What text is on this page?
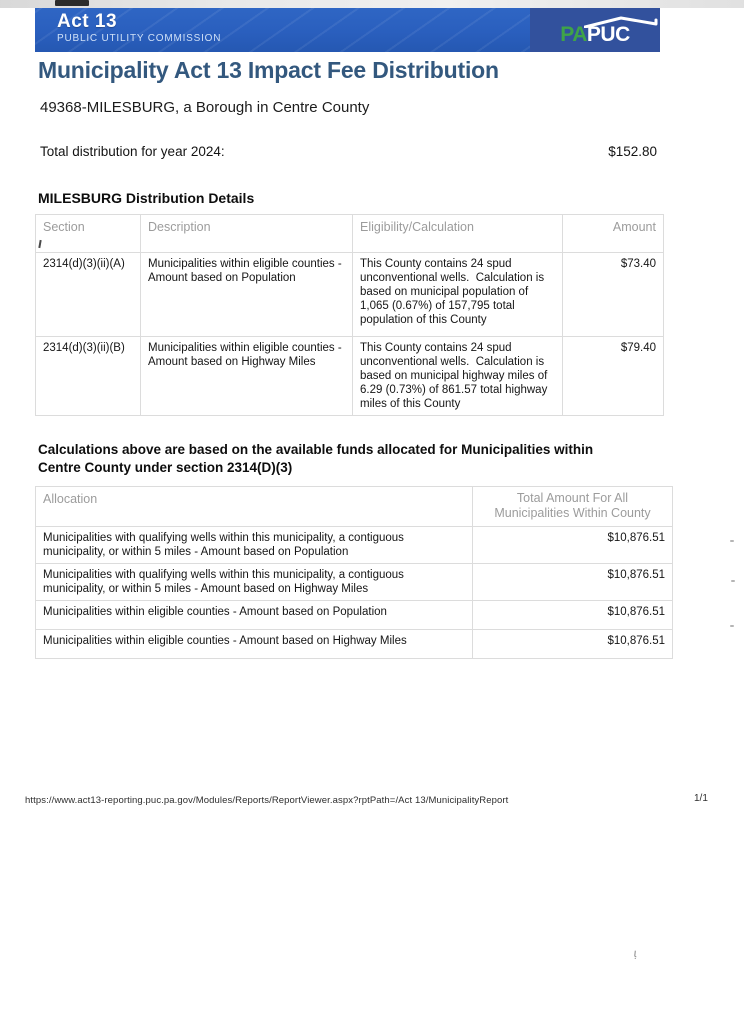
Act 13
PUBLIC UTILITY COMMISSION	PAPUC
Municipality Act 13 Impact Fee Distribution
49368-MILESBURG, a Borough in Centre County
Total distribution for year 2024:	$152.80
MILESBURG Distribution Details
Section	Description	Eligibility/Calculation	Amount
2314(d)(3)(ii)(A)	Municipalities within eligible counties - Amount based on Population	This County contains 24 spud unconventional wells.  Calculation is based on municipal population of 1,065 (0.67%) of 157,795 total population of this County	$73.40
2314(d)(3)(ii)(B)	Municipalities within eligible counties - Amount based on Highway Miles	This County contains 24 spud unconventional wells.  Calculation is based on municipal highway miles of 6.29 (0.73%) of 861.57 total highway miles of this County	$79.40
Calculations above are based on the available funds allocated for Municipalities within Centre County under section 2314(D)(3)
Allocation	Total Amount For All Municipalities Within County
Municipalities with qualifying wells within this municipality, a contiguous municipality, or within 5 miles - Amount based on Population	$10,876.51
Municipalities with qualifying wells within this municipality, a contiguous municipality, or within 5 miles - Amount based on Highway Miles	$10,876.51
Municipalities within eligible counties - Amount based on Population	$10,876.51
Municipalities within eligible counties - Amount based on Highway Miles	$10,876.51
https://www.act13-reporting.puc.pa.gov/Modules/Reports/ReportViewer.aspx?rptPath=/Act 13/MunicipalityReport	1/1
ɩ̣
